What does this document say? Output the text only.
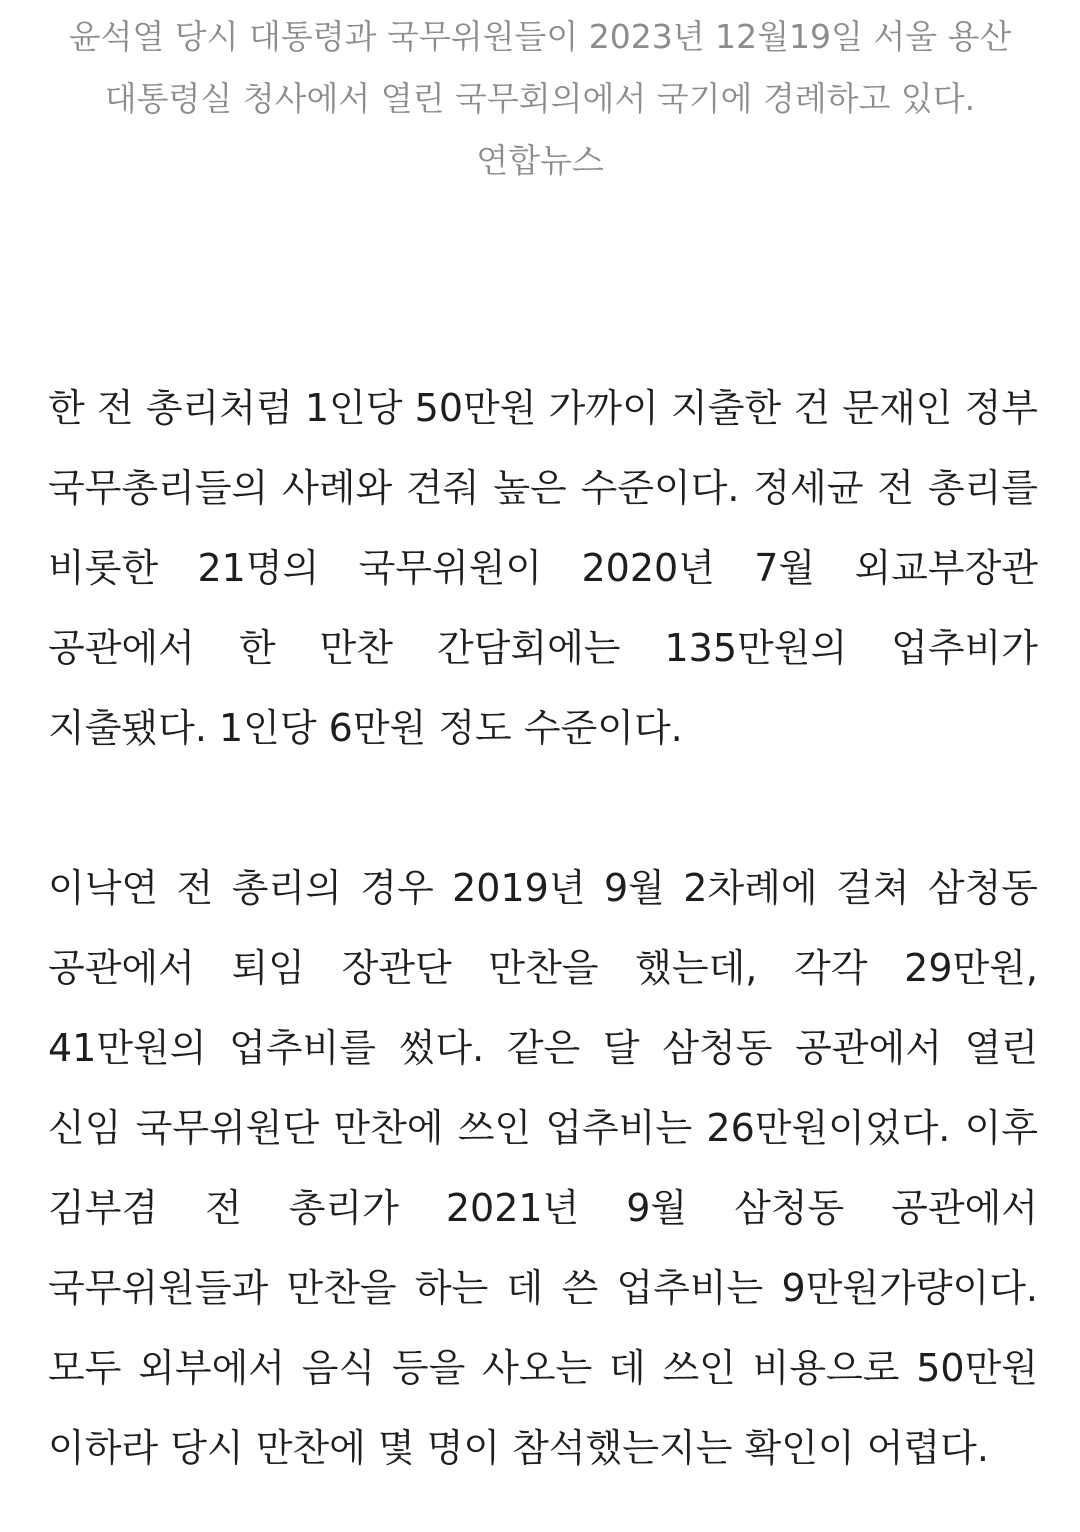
윤석열 당시 대통령과 국무위원들이 2023년 12월19일 서울 용산 대통령실 청사에서 열린 국무회의에서 국기에 경례하고 있다. 연합뉴스

한 전 총리처럼 1인당 50만원 가까이 지출한 건 문재인 정부 국무총리들의 사례와 견줘 높은 수준이다. 정세균 전 총리를 비롯한 21명의 국무위원이 2020년 7월 외교부장관 공관에서 한 만찬 간담회에는 135만원의 업추비가 지출됐다. 1인당 6만원 정도 수준이다.

이낙연 전 총리의 경우 2019년 9월 2차례에 걸쳐 삼청동 공관에서 퇴임 장관단 만찬을 했는데, 각각 29만원, 41만원의 업추비를 썼다. 같은 달 삼청동 공관에서 열린 신임 국무위원단 만찬에 쓰인 업추비는 26만원이었다. 이후 김부겸 전 총리가 2021년 9월 삼청동 공관에서 국무위원들과 만찬을 하는 데 쓴 업추비는 9만원가량이다. 모두 외부에서 음식 등을 사오는 데 쓰인 비용으로 50만원 이하라 당시 만찬에 몇 명이 참석했는지는 확인이 어렵다.
